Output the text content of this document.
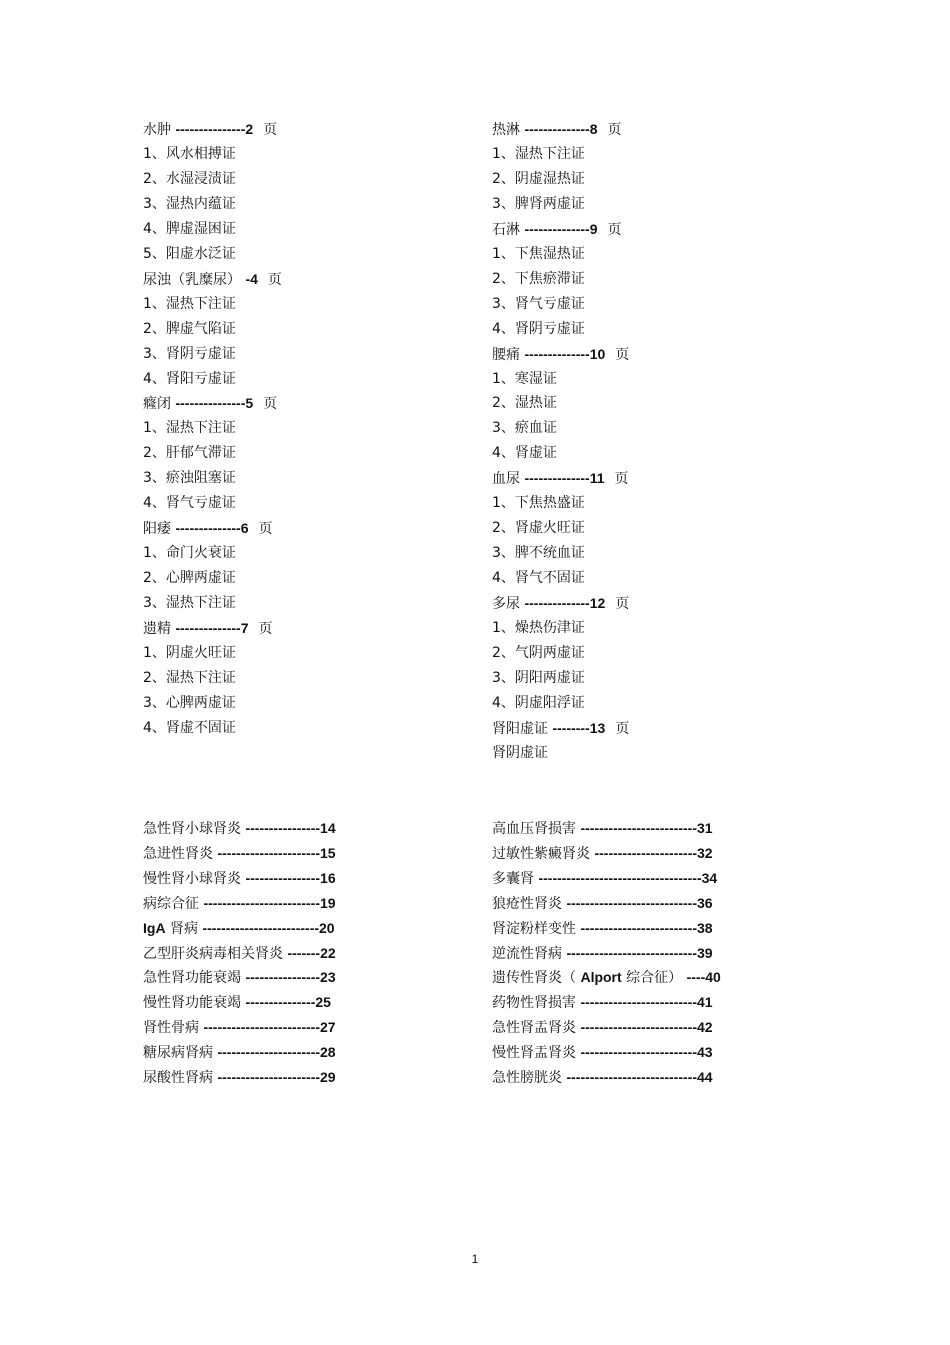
水肿 ---------------2 页
1、风水相搏证
2、水湿浸渍证
3、湿热内蕴证
4、脾虚湿困证
5、阳虚水泛证
尿浊（乳糜尿） -4 页
1、湿热下注证
2、脾虚气陷证
3、肾阴亏虚证
4、肾阳亏虚证
癃闭 ---------------5 页
1、湿热下注证
2、肝郁气滞证
3、瘀浊阻塞证
4、肾气亏虚证
阳痿 --------------6 页
1、命门火衰证
2、心脾两虚证
3、湿热下注证
遗精 --------------7 页
1、阴虚火旺证
2、湿热下注证
3、心脾两虚证
4、肾虚不固证
热淋 --------------8 页
1、湿热下注证
2、阴虚湿热证
3、脾肾两虚证
石淋 --------------9 页
1、下焦湿热证
2、下焦瘀滞证
3、肾气亏虚证
4、肾阴亏虚证
腰痛 --------------10 页
1、寒湿证
2、湿热证
3、瘀血证
4、肾虚证
血尿 --------------11 页
1、下焦热盛证
2、肾虚火旺证
3、脾不统血证
4、肾气不固证
多尿 --------------12 页
1、燥热伤津证
2、气阴两虚证
3、阴阳两虚证
4、阴虚阳浮证
肾阳虚证 --------13 页
肾阴虚证
急性肾小球肾炎 ----------------14
急进性肾炎 ----------------------15
慢性肾小球肾炎 ----------------16
病综合征 -------------------------19
IgA 肾病 -------------------------20
乙型肝炎病毒相关肾炎 -------22
急性肾功能衰竭 ----------------23
慢性肾功能衰竭 ---------------25
肾性骨病 -------------------------27
糖尿病肾病 ----------------------28
尿酸性肾病 ----------------------29
高血压肾损害 -------------------------31
过敏性紫癜肾炎 ----------------------32
多囊肾 -----------------------------------34
狼疮性肾炎 ----------------------------36
肾淀粉样变性 -------------------------38
逆流性肾病 ----------------------------39
遗传性肾炎（ Alport 综合征） ----40
药物性肾损害 -------------------------41
急性肾盂肾炎 -------------------------42
慢性肾盂肾炎 -------------------------43
急性膀胱炎 ----------------------------44
1
